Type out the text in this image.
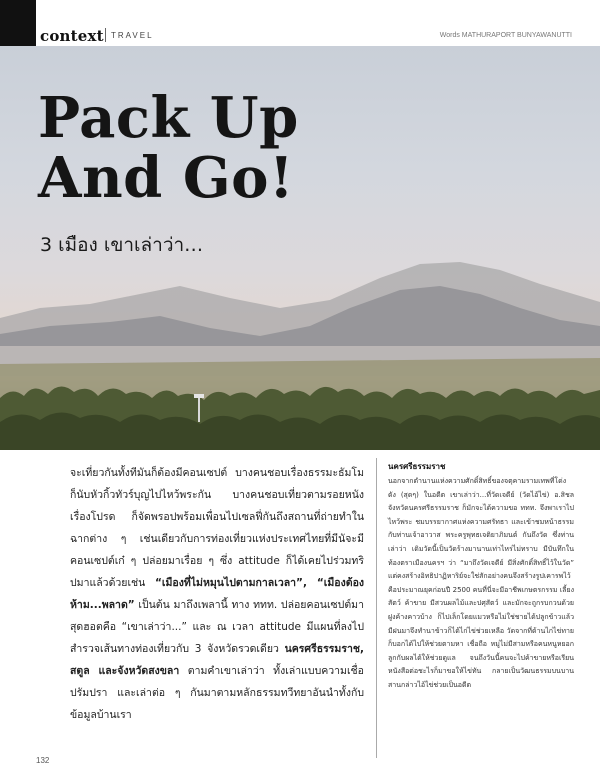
context TRAVEL	Words MATHURAPORT BUNYAWANUTTI
Pack Up
And Go!
3 เมือง เขาเล่าว่า…

จะเที่ยวกันทั้งทีมันก็ต้องมีคอนเซปต์ บางคนชอบเรื่องธรรมะธัมโม ก็นับหัวกิ้วทัวร์บุญไปไหว้พระกัน บางคนชอบเที่ยวตามรอยหนังเรื่องโปรด ก็จัดพรอปพร้อมเพื่อนไปเซลฟี่กันถึงสถานที่ถ่ายทำในฉากต่าง ๆ เช่นเดียวกับการท่องเที่ยวแห่งประเทศไทยที่มีนัจะมีคอนเซปต์เก๋ ๆ ปล่อยมาเรื่อย ๆ ซึ่ง attitude ก็ได้เคยไปร่วมทริปมาแล้วด้วยเช่น “เมืองที่ไม่หมุนไปตามกาลเวลา”, “เมืองต้องห้าม...พลาด” เป็นต้น มาถึงเพลานี้ ทาง ททท. ปล่อยคอนเซปต์มาสุดฮอตคือ “เขาเล่าว่า...” และ ณ เวลา attitude มีแผนที่ลงไปสำรวจเส้นทางท่องเที่ยวกับ 3 จังหวัดรวดเดียว นครศรีธรรมราช, สตูล และจังหวัดสงขลา ตามคำเขาเล่าว่า ทั้งเล่าแบบความเชื่อปรัมปรา และเล่าต่อ ๆ กันมาตามหลักธรรมทวีทยาอันนำทั้งกับข้อมูลบ้านเรา

นครศรีธรรมราช

นอกจากตำนานแห่งความศักดิ์สิทธิ์ของจตุคามรามเทพที่โด่งดัง (สุดๆ) ในอดีต เขาเล่าว่า...ที่วัดเจดีย์ (วัดไอ้ไข่) อ.สิชล จังหวัดนครศรีธรรมราช ก็มักจะได้ความขอ ททท. จึงพาเราไปไหว้พระ ชมบรรยากาศแห่งความศรัทธา และเข้าชมหน้าธรรมกับท่านเจ้าอาวาส พระครูพุทธเจติยาภิมนต์ กันถึงวัด ซึ่งท่านเล่าว่า เดิมวัดนี้เป็นวัดร้างมานานเท่าไหร่ไม่ทราบ มีบันทึกในท้องตราเมืองนครฯ ว่า “มาถึงวัดเจดีย์ มีสิ่งศักดิ์สิทธิ์ไว้ในวัด” แต่คงสร้างอิทธิปาฏิหาริย์จะใช่สักอย่างคนจึงสร้างรูปเคารพไว้ คือประมาณยุคก่อนปี 2500 คนที่นี่จะมีอาชีพเกษตรกรรม เลี้ยงสัตว์ ค้าขาย มีสวนผลไม้และปศุสัตว์ และมักจะถูกรบกวนด้วยฝูงค้างคาวบ้าง ก็ไปเล็กโดยแมวหรือไม่ใช่ชายได้ปลูกข้าวแล้วมีฝนมาจึงทำนาข้าวก็ได้ไก่ไข่ช่วยเหลือ วัดจากที่ด้านไก่ไข่ทาย ก็บอกได้ไปให้ช่วยตามหา เชื่อถือ หมู่ไม่มีสามหรือคนหนูหยอกลูกกับผลได้ให้ช่วยดูแล จนถึงวันนี้คนจะไปค้าขายหรือเรียนหนังสือต่อชะไรก็มาขอให้ไข่ทัน กลายเป็นวัฒนธรรมบนบานสานกล่าวไอ้ไข่ช่วยเป็นอดีต

132
